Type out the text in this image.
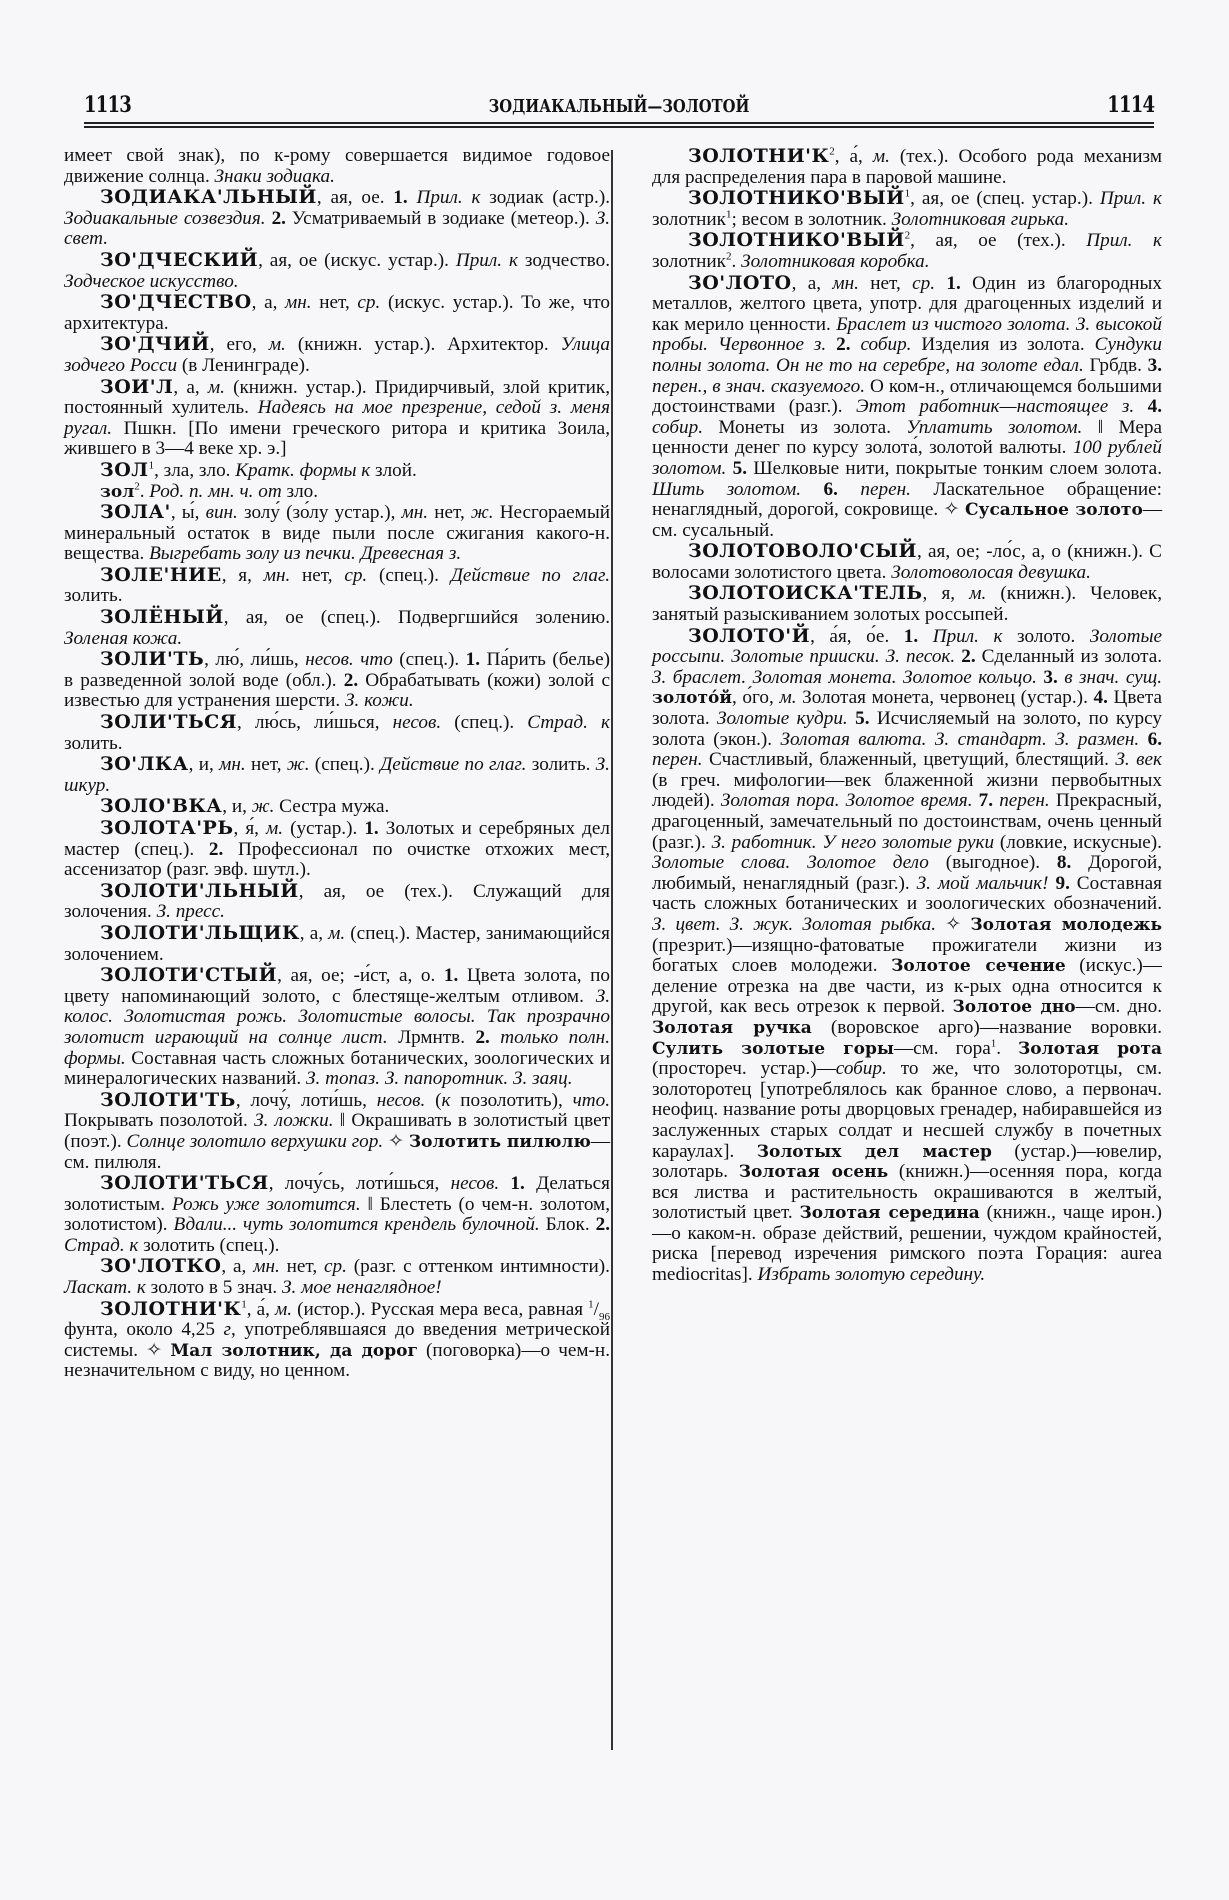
1113	ЗОДИАКАЛЬНЫЙ—ЗОЛОТОЙ	1114

имеет свой знак), по к-рому совершается видимое годовое движение солнца. Знаки зодиака.

ЗОДИАКА'ЛЬНЫЙ, ая, ое. 1. Прил. к зодиак (астр.). Зодиакальные созвездия. 2. Усматриваемый в зодиаке (метеор.). З. свет.

ЗО'ДЧЕСКИЙ, ая, ое (искус. устар.). Прил. к зодчество. Зодческое искусство.

ЗО'ДЧЕСТВО, а, мн. нет, ср. (искус. устар.). То же, что архитектура.

ЗО'ДЧИЙ, его, м. (книжн. устар.). Архитектор. Улица зодчего Росси (в Ленинграде).

ЗОИ'Л, а, м. (книжн. устар.). Придирчивый, злой критик, постоянный хулитель. Надеясь на мое презрение, седой з. меня ругал. Пшкн. [По имени греческого ритора и критика Зоила, жившего в 3—4 веке хр. э.]

ЗОЛ$^1$, зла, зло. Кратк. формы к злой.

зол$^2$. Род. п. мн. ч. от зло.

ЗОЛА', ы́, вин. золу́ (зо́лу устар.), мн. нет, ж. Несгораемый минеральный остаток в виде пыли после сжигания какого-н. вещества. Выгребать золу из печки. Древесная з.

ЗОЛЕ'НИЕ, я, мн. нет, ср. (спец.). Действие по глаг. золить.

ЗОЛЁНЫЙ, ая, ое (спец.). Подвергшийся золению. Золеная кожа.

ЗОЛИ'ТЬ, лю́, ли́шь, несов. что (спец.). 1. Па́рить (белье) в разведенной золой воде (обл.). 2. Обрабатывать (кожи) золой с известью для устранения шерсти. З. кожи.

ЗОЛИ'ТЬСЯ, лю́сь, ли́шься, несов. (спец.). Страд. к золить.

ЗО'ЛКА, и, мн. нет, ж. (спец.). Действие по глаг. золить. З. шкур.

ЗОЛО'ВКА, и, ж. Сестра мужа.

ЗОЛОТА'РЬ, я́, м. (устар.). 1. Золотых и серебряных дел мастер (спец.). 2. Профессионал по очистке отхожих мест, ассенизатор (разг. эвф. шутл.).

ЗОЛОТИ'ЛЬНЫЙ, ая, ое (тех.). Служащий для золочения. З. пресс.

ЗОЛОТИ'ЛЬЩИК, а, м. (спец.). Мастер, занимающийся золочением.

ЗОЛОТИ'СТЫЙ, ая, ое; -и́ст, а, о. 1. Цвета золота, по цвету напоминающий золото, с блестяще-желтым отливом. З. колос. Золотистая рожь. Золотистые волосы. Так прозрачно золотист играющий на солнце лист. Лрмнтв. 2. только полн. формы. Составная часть сложных ботанических, зоологических и минералогических названий. З. топаз. З. папоротник. З. заяц.

ЗОЛОТИ'ТЬ, лочу́, лоти́шь, несов. (к позолотить), что. Покрывать позолотой. З. ложки. ‖ Окрашивать в золотистый цвет (поэт.). Солнце золотило верхушки гор. ✧ Золотить пилюлю—см. пилюля.

ЗОЛОТИ'ТЬСЯ, лочу́сь, лоти́шься, несов. 1. Делаться золотистым. Рожь уже золотится. ‖ Блестеть (о чем-н. золотом, золотистом). Вдали... чуть золотится крендель булочной. Блок. 2. Страд. к золотить (спец.).

ЗО'ЛОТКО, а, мн. нет, ср. (разг. с оттенком интимности). Ласкат. к золото в 5 знач. З. мое ненаглядное!

$ЗОЛОТНИ'К^1$, а́, м. (истор.). Русская мера веса, равная $^1/_{96}$ фунта, около 4,25 г, употреблявшаяся до введения метрической системы. ✧ Мал золотник, да дорог (поговорка)—о чем-н. незначительном с виду, но ценном.

$ЗОЛОТНИ'К^2$, а́, м. (тех.). Особого рода механизм для распределения пара в паровой машине.

ЗОЛОТНИКО'ВЫЙ$^1$, ая, ое (спец. устар.). Прил. к золотник$^1$; весом в золотник. Золотниковая гирька.

ЗОЛОТНИКО'ВЫЙ$^2$, ая, ое (тех.). Прил. к золотник$^2$. Золотниковая коробка.

ЗО'ЛОТО, а, мн. нет, ср. 1. Один из благородных металлов, желтого цвета, употр. для драгоценных изделий и как мерило ценности. Браслет из чистого золота. З. высокой пробы. Червонное з. 2. собир. Изделия из золота. Сундуки полны золота. Он не то на серебре, на золоте едал. Грбдв. 3. перен., в знач. сказуемого. О ком-н., отличающемся большими достоинствами (разг.). Этот работник—настоящее з. 4. собир. Монеты из золота. Уплатить золотом. ‖ Мера ценности денег по курсу золота́, золотой валюты. 100 рублей золотом. 5. Шелковые нити, покрытые тонким слоем золота. Шить золотом. 6. перен. Ласкательное обращение: ненаглядный, дорогой, сокровище. ✧ Сусальное золото—см. сусальный.

ЗОЛОТОВОЛО'СЫЙ, ая, ое; -ло́с, а, о (книжн.). С волосами золотистого цвета. Золотоволосая девушка.

ЗОЛОТОИСКА'ТЕЛЬ, я, м. (книжн.). Человек, занятый разыскиванием золотых россыпей.

ЗОЛОТО'Й, а́я, о́е. 1. Прил. к золото. Золотые россыпи. Золотые прииски. З. песок. 2. Сделанный из золота. З. браслет. Золотая монета. Золотое кольцо. 3. в знач. сущ. золото́й, о́го, м. Золотая монета, червонец (устар.). 4. Цвета золота. Золотые кудри. 5. Исчисляемый на золото, по курсу золота (экон.). Золотая валюта. З. стандарт. З. размен. 6. перен. Счастливый, блаженный, цветущий, блестящий. З. век (в греч. мифологии—век блаженной жизни первобытных людей). Золотая пора. Золотое время. 7. перен. Прекрасный, драгоценный, замечательный по достоинствам, очень ценный (разг.). З. работник. У него золотые руки (ловкие, искусные). Золотые слова. Золотое дело (выгодное). 8. Дорогой, любимый, ненаглядный (разг.). З. мой мальчик! 9. Составная часть сложных ботанических и зоологических обозначений. З. цвет. З. жук. Золотая рыбка. ✧ Золотая молодежь (презрит.)—изящно-фатоватые прожигатели жизни из богатых слоев молодежи. Золотое сечение (искус.)—деление отрезка на две части, из к-рых одна относится к другой, как весь отрезок к первой. Золотое дно—см. дно. Золотая ручка (воровское арго)—название воровки. Сулить золотые горы—см. гора$^1$. Золотая рота (простореч. устар.)—собир. то же, что золоторотцы, см. золоторотец [употреблялось как бранное слово, а первонач. неофиц. название роты дворцовых гренадер, набиравшейся из заслуженных старых солдат и несшей службу в почетных караулах]. Золотых дел мастер (устар.)—ювелир, золотарь. Золотая осень (книжн.)—осенняя пора, когда вся листва и растительность окрашиваются в желтый, золотистый цвет. Золотая середина (книжн., чаще ирон.)—о каком-н. образе действий, решении, чуждом крайностей, риска [перевод изречения римского поэта Горация: aurea mediocritas]. Избрать золотую середину.
